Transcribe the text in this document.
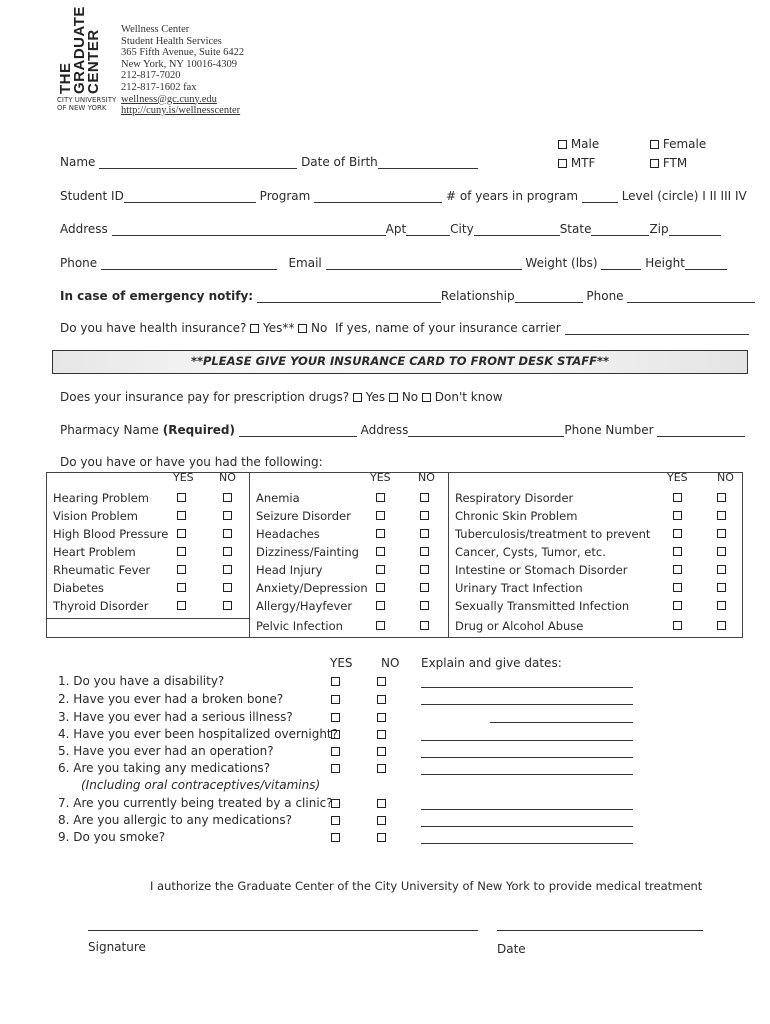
THE
GRADUATE
CENTER
CITY UNIVERSITY
OF NEW YORK
Wellness Center
Student Health Services
365 Fifth Avenue, Suite 6422
New York, NY 10016-4309
212-817-7020
212-817-1602 fax
wellness@gc.cuny.edu
http://cuny.is/wellnesscenter
Male	Female
MTF	FTM
Name	Date of Birth
Student ID	Program	# of years in program	Level (circle) I II III IV
Address	Apt	City	State	Zip
Phone	Email	Weight (lbs)	Height
In case of emergency notify:	Relationship	Phone
Do you have health insurance? Yes** No If yes, name of your insurance carrier
**PLEASE GIVE YOUR INSURANCE CARD TO FRONT DESK STAFF**
Does your insurance pay for prescription drugs? Yes No Don't know
Pharmacy Name (Required)	Address	Phone Number
Do you have or have you had the following:
YES NO
Hearing Problem
Vision Problem
High Blood Pressure
Heart Problem
Rheumatic Fever
Diabetes
Thyroid Disorder

YES NO
Anemia
Seizure Disorder
Headaches
Dizziness/Fainting
Head Injury
Anxiety/Depression
Allergy/Hayfever
Pelvic Infection

YES	NO
Respiratory Disorder
Chronic Skin Problem
Tuberculosis/treatment to prevent
Cancer, Cysts, Tumor, etc.
Intestine or Stomach Disorder
Urinary Tract Infection
Sexually Transmitted Infection
Drug or Alcohol Abuse

YES NO Explain and give dates:
1. Do you have a disability?
2. Have you ever had a broken bone?
3. Have you ever had a serious illness?
4. Have you ever been hospitalized overnight?
5. Have you ever had an operation?
6. Are you taking any medications?
(Including oral contraceptives/vitamins)
7. Are you currently being treated by a clinic?
8. Are you allergic to any medications?
9. Do you smoke?
I authorize the Graduate Center of the City University of New York to provide medical treatment
Signature	Date
